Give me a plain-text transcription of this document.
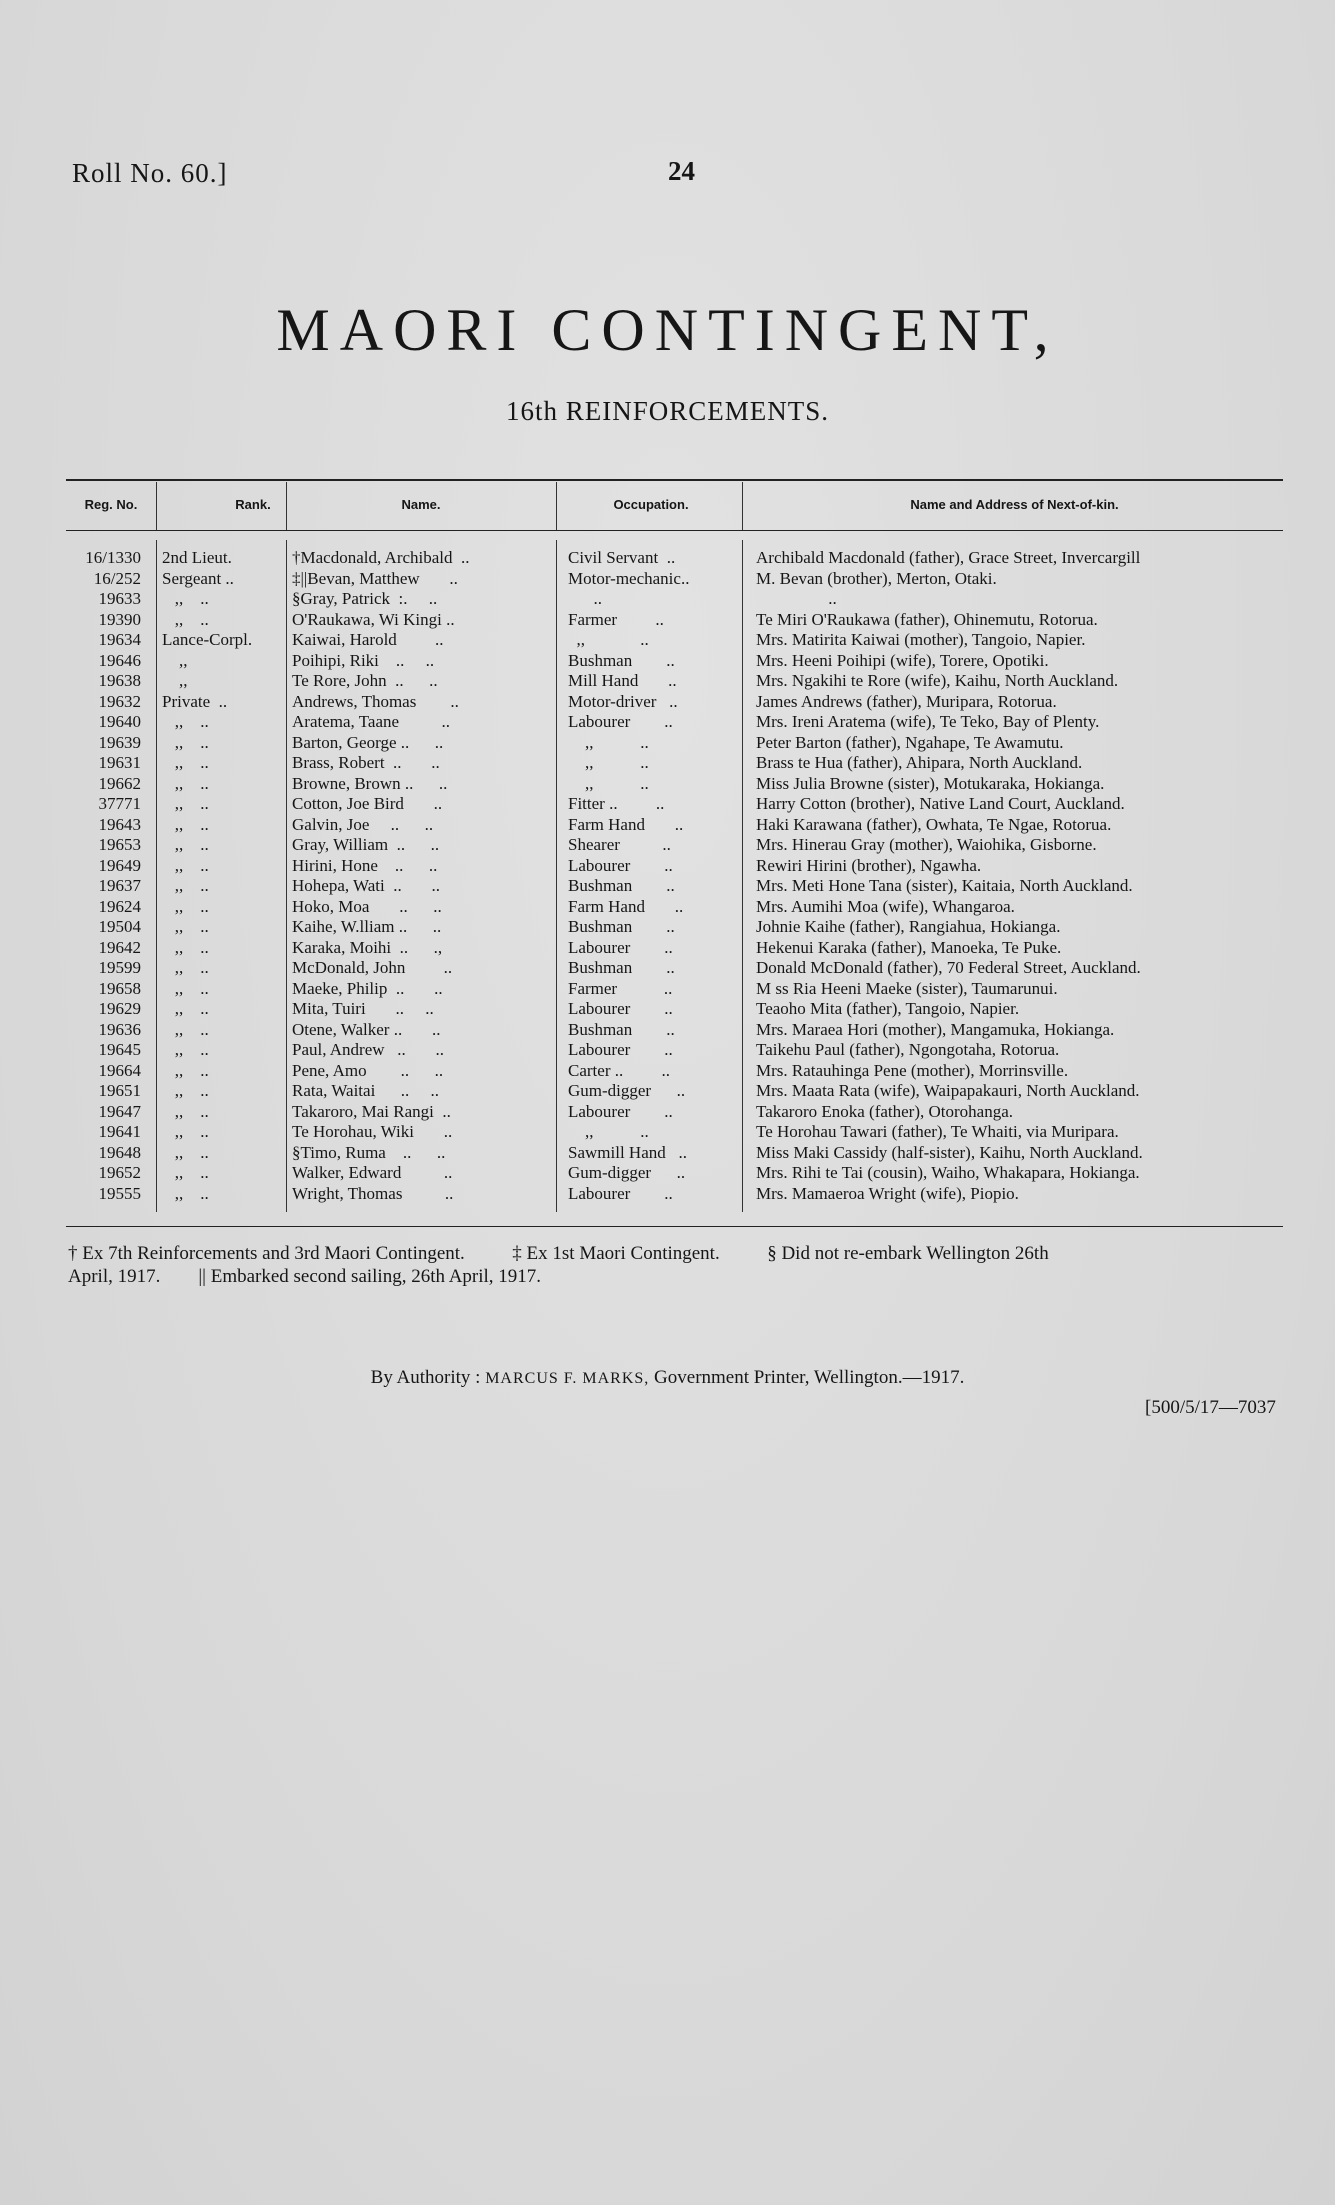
Roll No. 60.]	24
MAORI CONTINGENT,
16th REINFORCEMENTS.
Reg. No.	Rank.	Name.	Occupation.	Name and Address of Next-of-kin.
16/1330 2nd Lieut.	†Macdonald, Archibald  ..	Civil Servant  ..	Archibald Macdonald (father), Grace Street, Invercargill
16/252 Sergeant ..	‡||Bevan, Matthew       ..	Motor-mechanic..	M. Bevan (brother), Merton, Otaki.
19633 ,,    ..	§Gray, Patrick  :.     ..	..	..
19390 ,,    ..	O'Raukawa, Wi Kingi ..	Farmer         ..	Te Miri O'Raukawa (father), Ohinemutu, Rotorua.
19634 Lance-Corpl.	Kaiwai, Harold         ..	,,             ..	Mrs. Matirita Kaiwai (mother), Tangoio, Napier.
19646 ,,	Poihipi, Riki    ..     ..	Bushman        ..	Mrs. Heeni Poihipi (wife), Torere, Opotiki.
19638 ,,	Te Rore, John  ..      ..	Mill Hand       ..	Mrs. Ngakihi te Rore (wife), Kaihu, North Auckland.
19632 Private  ..	Andrews, Thomas        ..	Motor-driver   ..	James Andrews (father), Muripara, Rotorua.
19640 ,,    ..	Aratema, Taane          ..	Labourer        ..	Mrs. Ireni Aratema (wife), Te Teko, Bay of Plenty.
19639 ,,    ..	Barton, George ..      ..	,,           ..	Peter Barton (father), Ngahape, Te Awamutu.
19631 ,,    ..	Brass, Robert  ..       ..	,,           ..	Brass te Hua (father), Ahipara, North Auckland.
19662 ,,    ..	Browne, Brown ..      ..	,,           ..	Miss Julia Browne (sister), Motukaraka, Hokianga.
37771 ,,    ..	Cotton, Joe Bird       ..	Fitter ..         ..	Harry Cotton (brother), Native Land Court, Auckland.
19643 ,,    ..	Galvin, Joe     ..      ..	Farm Hand       ..	Haki Karawana (father), Owhata, Te Ngae, Rotorua.
19653 ,,    ..	Gray, William  ..      ..	Shearer          ..	Mrs. Hinerau Gray (mother), Waiohika, Gisborne.
19649 ,,    ..	Hirini, Hone    ..      ..	Labourer        ..	Rewiri Hirini (brother), Ngawha.
19637 ,,    ..	Hohepa, Wati  ..       ..	Bushman        ..	Mrs. Meti Hone Tana (sister), Kaitaia, North Auckland.
19624 ,,    ..	Hoko, Moa       ..      ..	Farm Hand       ..	Mrs. Aumihi Moa (wife), Whangaroa.
19504 ,,    ..	Kaihe, W.lliam ..      ..	Bushman        ..	Johnie Kaihe (father), Rangiahua, Hokianga.
19642 ,,    ..	Karaka, Moihi  ..      .,	Labourer        ..	Hekenui Karaka (father), Manoeka, Te Puke.
19599 ,,    ..	McDonald, John         ..	Bushman        ..	Donald McDonald (father), 70 Federal Street, Auckland.
19658 ,,    ..	Maeke, Philip  ..       ..	Farmer           ..	M ss Ria Heeni Maeke (sister), Taumarunui.
19629 ,,    ..	Mita, Tuiri       ..     ..	Labourer        ..	Teaoho Mita (father), Tangoio, Napier.
19636 ,,    ..	Otene, Walker ..       ..	Bushman        ..	Mrs. Maraea Hori (mother), Mangamuka, Hokianga.
19645 ,,    ..	Paul, Andrew   ..       ..	Labourer        ..	Taikehu Paul (father), Ngongotaha, Rotorua.
19664 ,,    ..	Pene, Amo        ..      ..	Carter ..         ..	Mrs. Ratauhinga Pene (mother), Morrinsville.
19651 ,,    ..	Rata, Waitai      ..     ..	Gum-digger      ..	Mrs. Maata Rata (wife), Waipapakauri, North Auckland.
19647 ,,    ..	Takaroro, Mai Rangi  ..	Labourer        ..	Takaroro Enoka (father), Otorohanga.
19641 ,,    ..	Te Horohau, Wiki       ..	,,           ..	Te Horohau Tawari (father), Te Whaiti, via Muripara.
19648 ,,    ..	§Timo, Ruma    ..      ..	Sawmill Hand   ..	Miss Maki Cassidy (half-sister), Kaihu, North Auckland.
19652 ,,    ..	Walker, Edward          ..	Gum-digger      ..	Mrs. Rihi te Tai (cousin), Waiho, Whakapara, Hokianga.
19555 ,,    ..	Wright, Thomas          ..	Labourer        ..	Mrs. Mamaeroa Wright (wife), Piopio.
† Ex 7th Reinforcements and 3rd Maori Contingent.          ‡ Ex 1st Maori Contingent.          § Did not re-embark Wellington 26th
April, 1917.        || Embarked second sailing, 26th April, 1917.
By Authority : MARCUS F. MARKS, Government Printer, Wellington.—1917.
[500/5/17—7037
